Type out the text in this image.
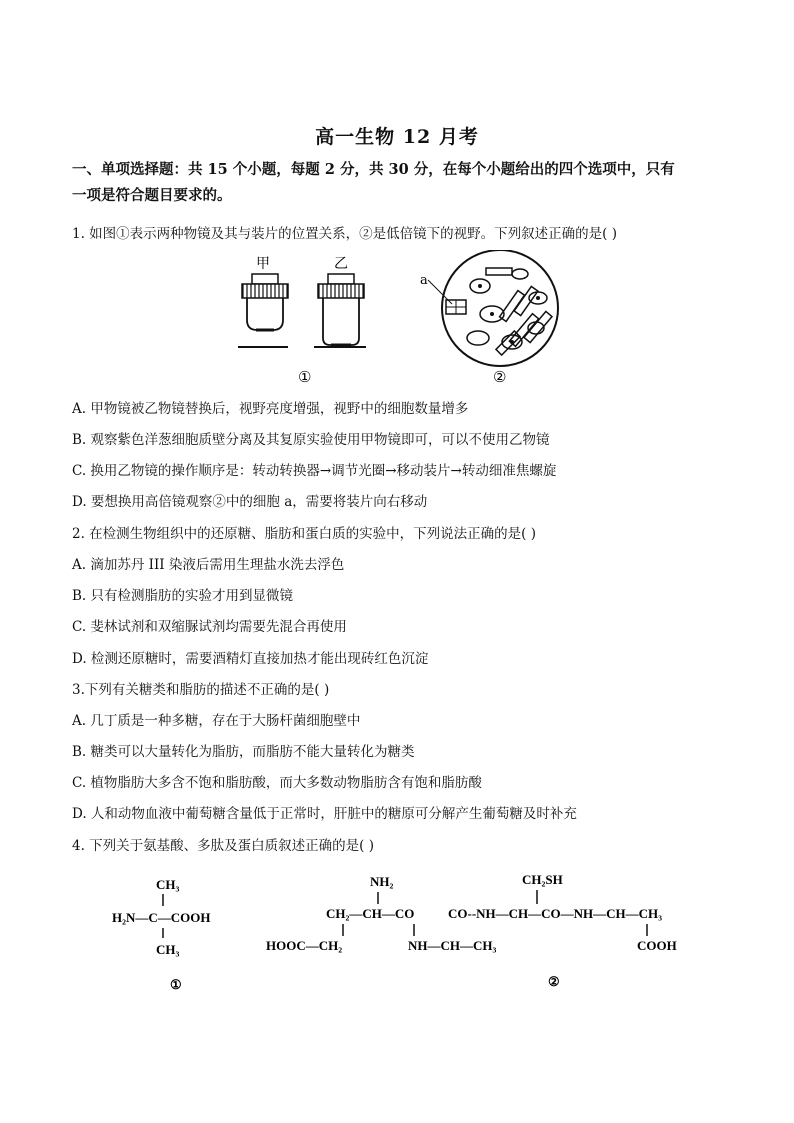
高一生物 12 月考
一、单项选择题：共 15 个小题，每题 2 分，共 30 分，在每个小题给出的四个选项中，只有
一项是符合题目要求的。
1. 如图①表示两种物镜及其与装片的位置关系，②是低倍镜下的视野。下列叙述正确的是( )
甲	乙
①
a
②
A. 甲物镜被乙物镜替换后，视野亮度增强，视野中的细胞数量增多
B. 观察紫色洋葱细胞质壁分离及其复原实验使用甲物镜即可，可以不使用乙物镜
C. 换用乙物镜的操作顺序是：转动转换器→调节光圈→移动装片→转动细准焦螺旋
D. 要想换用高倍镜观察②中的细胞 a，需要将装片向右移动
2. 在检测生物组织中的还原糖、脂肪和蛋白质的实验中，下列说法正确的是( )
A. 滴加苏丹 III 染液后需用生理盐水洗去浮色
B. 只有检测脂肪的实验才用到显微镜
C. 斐林试剂和双缩脲试剂均需要先混合再使用
D. 检测还原糖时，需要酒精灯直接加热才能出现砖红色沉淀
3.下列有关糖类和脂肪的描述不正确的是( )
A. 几丁质是一种多糖，存在于大肠杆菌细胞壁中
B. 糖类可以大量转化为脂肪，而脂肪不能大量转化为糖类
C. 植物脂肪大多含不饱和脂肪酸，而大多数动物脂肪含有饱和脂肪酸
D. 人和动物血液中葡萄糖含量低于正常时，肝脏中的糖原可分解产生葡萄糖及时补充
4. 下列关于氨基酸、多肽及蛋白质叙述正确的是( )
CH₃
H₂N—C—COOH
CH₃
①
NH₂	CH₂SH
CH₂—CH—CO	CO--NH—CH—CO—NH—CH—CH₃
HOOC—CH₂	NH—CH—CH₃	COOH
②
